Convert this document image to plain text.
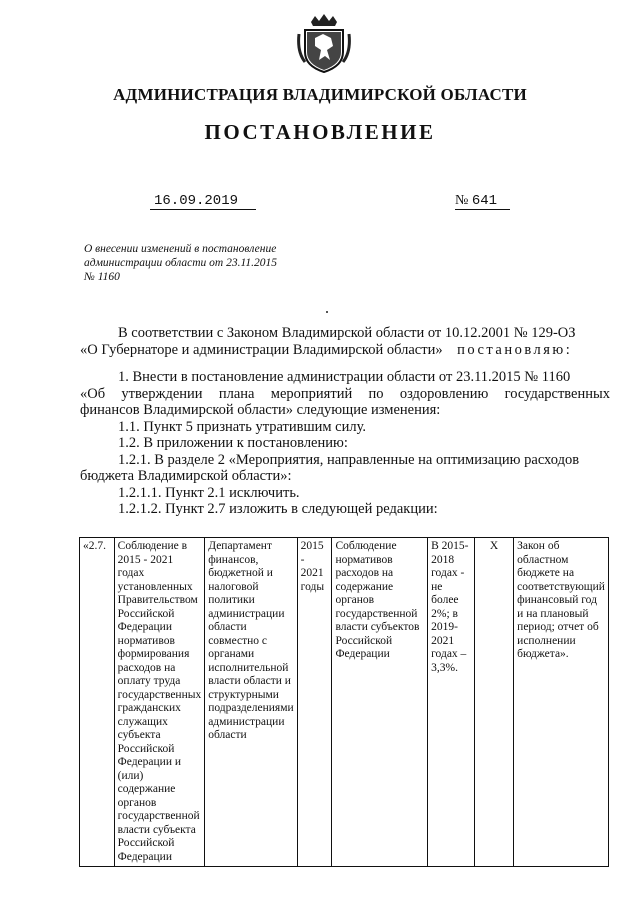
АДМИНИСТРАЦИЯ ВЛАДИМИРСКОЙ ОБЛАСТИ
ПОСТАНОВЛЕНИЕ
16.09.2019	№ 641
О внесении изменений в постановление
администрации области от 23.11.2015
№ 1160

В соответствии с Законом Владимирской области от 10.12.2001 № 129-ОЗ

«О Губернаторе и администрации Владимирской области» постановляю:

1. Внести в постановление администрации области от 23.11.2015 № 1160

«Об утверждении плана мероприятий по оздоровлению государственных

финансов Владимирской области» следующие изменения:

1.1. Пункт 5 признать утратившим силу.

1.2. В приложении к постановлению:

1.2.1. В разделе 2 «Мероприятия, направленные на оптимизацию расходов

бюджета Владимирской области»:

1.2.1.1. Пункт 2.1 исключить.

1.2.1.2. Пункт 2.7 изложить в следующей редакции:

«2.7.	Соблюдение в 2015 - 2021 годах установленных Правительством Российской Федерации нормативов формирования расходов на оплату труда государственных гражданских служащих субъекта Российской Федерации и (или) содержание органов государственной власти субъекта Российской Федерации	Департамент финансов, бюджетной и налоговой политики администрации области совместно с органами исполнительной власти области и структурными подразделениями администрации области	2015 - 2021 годы	Соблюдение нормативов расходов на содержание органов государственной власти субъектов Российской Федерации	В 2015-2018 годах - не более 2%; в 2019-2021 годах – 3,3%.	X	Закон об областном бюджете на соответствующий финансовый год и на плановый период; отчет об исполнении бюджета».
